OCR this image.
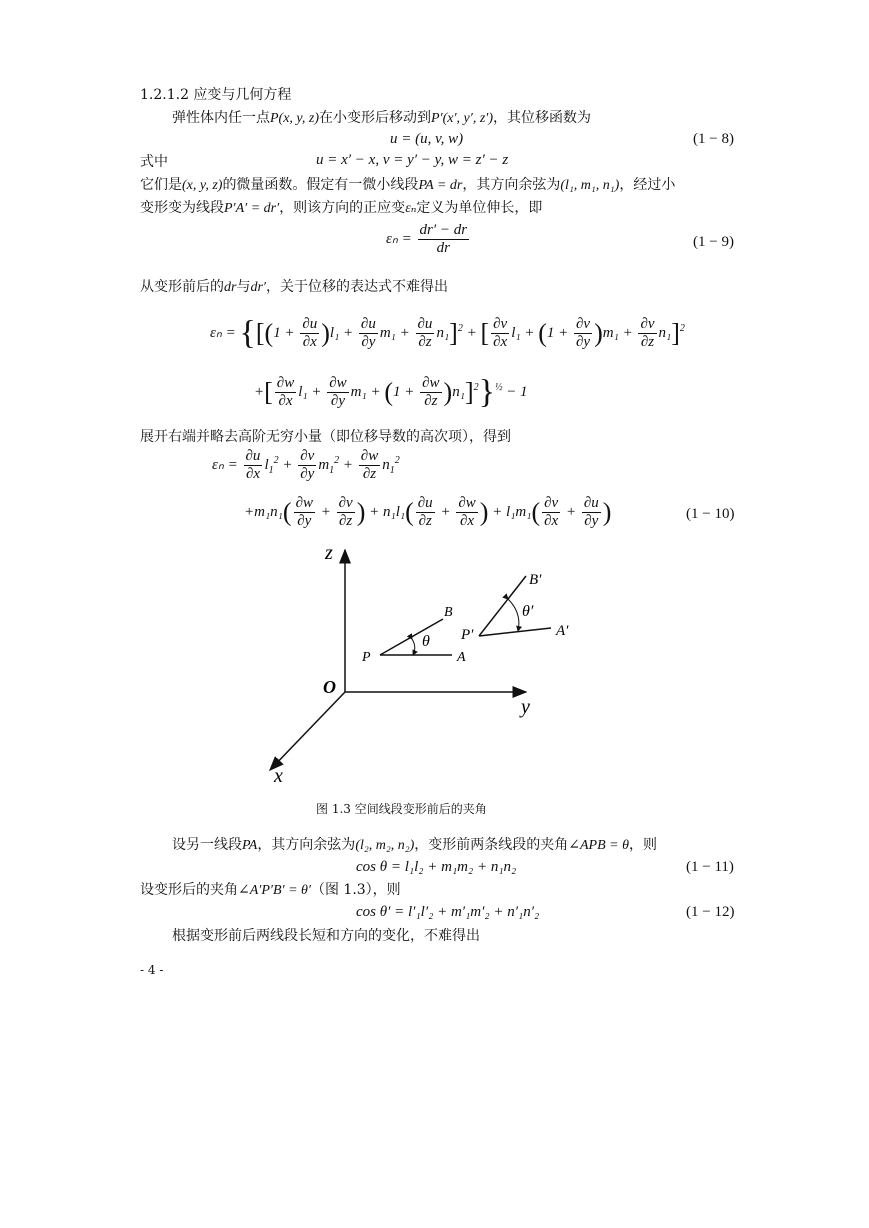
1.2.1.2 应变与几何方程
弹性体内任一点P(x, y, z)在小变形后移动到P′(x′, y′, z′)，其位移函数为
u = (u, v, w)	(1 − 8)
式中	u = x′ − x, v = y′ − y, w = z′ − z
它们是(x, y, z)的微量函数。假定有一微小线段PA = dr，其方向余弦为(l₁, m₁, n₁)，经过小
变形变为线段P′A′ = dr′，则该方向的正应变εₙ定义为单位伸长，即
$\varepsilon_n = \frac{dr' - dr}{dr}$	(1 − 9)
从变形前后的dr与dr′，关于位移的表达式不难得出
$\varepsilon_n = \{[(1 + \frac{\partial u}{\partial x} )l_1 + \frac{\partial u}{\partial y} m_1 + \frac{\partial u}{\partial z} n_1]^2$ + [ $\frac{\partial v}{\partial x} l_1 + (1 + \frac{\partial v}{\partial y} )m_1 + \frac{\partial v}{\partial z} n_1]^2$
+[ $\frac{\partial w}{\partial x} l_1 + \frac{\partial w}{\partial y} m_1 + (1 + \frac{\partial w}{\partial z} )n_1]^2\}^{\frac{1}{2}} - 1$
展开右端并略去高阶无穷小量（即位移导数的高次项），得到
$\varepsilon_n = \frac{\partial u}{\partial x} l_1^2 + \frac{\partial v}{\partial y} m_1^2 + \frac{\partial w}{\partial z} n_1^2$
$+m_1n_1( \frac{\partial w}{\partial y} + \frac{\partial v}{\partial z}$ ) + $n_1l_1( \frac{\partial u}{\partial z} + \frac{\partial w}{\partial x}$ ) + $l_1m_1( \frac{\partial v}{\partial x} + \frac{\partial u}{\partial y}$ )	(1 − 10)
z
y
x
O
P	A
B
θ P′	A′
B′
θ′
图 1.3 空间线段变形前后的夹角
设另一线段PA，其方向余弦为(l₂, m₂, n₂)，变形前两条线段的夹角∠APB = θ，则
cos θ = l₁l₂ + m₁m₂ + n₁n₂	(1 − 11)
设变形后的夹角∠A′P′B′ = θ′（图 1.3），则
cos θ′ = l′₁l′₂ + m′₁m′₂ + n′₁n′₂	(1 − 12)
根据变形前后两线段长短和方向的变化，不难得出
- 4 -
